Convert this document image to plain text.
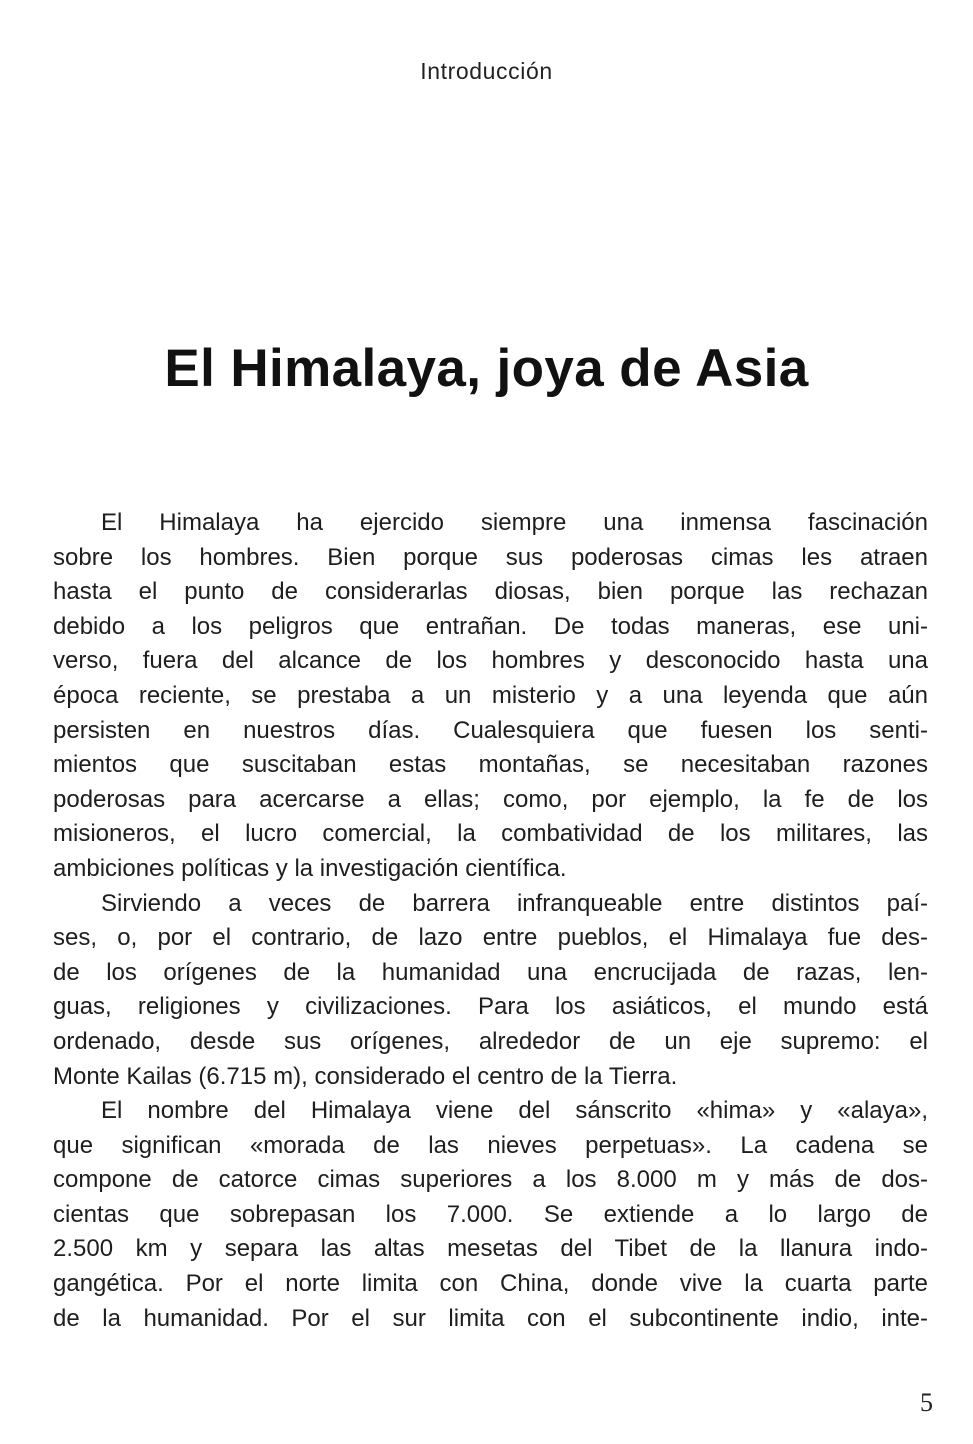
Introducción
El Himalaya, joya de Asia
El Himalaya ha ejercido siempre una inmensa fascinación
sobre los hombres. Bien porque sus poderosas cimas les atraen
hasta el punto de considerarlas diosas, bien porque las rechazan
debido a los peligros que entrañan. De todas maneras, ese uni-
verso, fuera del alcance de los hombres y desconocido hasta una
época reciente, se prestaba a un misterio y a una leyenda que aún
persisten en nuestros días. Cualesquiera que fuesen los senti-
mientos que suscitaban estas montañas, se necesitaban razones
poderosas para acercarse a ellas; como, por ejemplo, la fe de los
misioneros, el lucro comercial, la combatividad de los militares, las
ambiciones políticas y la investigación científica.
Sirviendo a veces de barrera infranqueable entre distintos paí-
ses, o, por el contrario, de lazo entre pueblos, el Himalaya fue des-
de los orígenes de la humanidad una encrucijada de razas, len-
guas, religiones y civilizaciones. Para los asiáticos, el mundo está
ordenado, desde sus orígenes, alrededor de un eje supremo: el
Monte Kailas (6.715 m), considerado el centro de la Tierra.
El nombre del Himalaya viene del sánscrito «hima» y «alaya»,
que significan «morada de las nieves perpetuas». La cadena se
compone de catorce cimas superiores a los 8.000 m y más de dos-
cientas que sobrepasan los 7.000. Se extiende a lo largo de
2.500 km y separa las altas mesetas del Tibet de la llanura indo-
gangética. Por el norte limita con China, donde vive la cuarta parte
de la humanidad. Por el sur limita con el subcontinente indio, inte-
5
